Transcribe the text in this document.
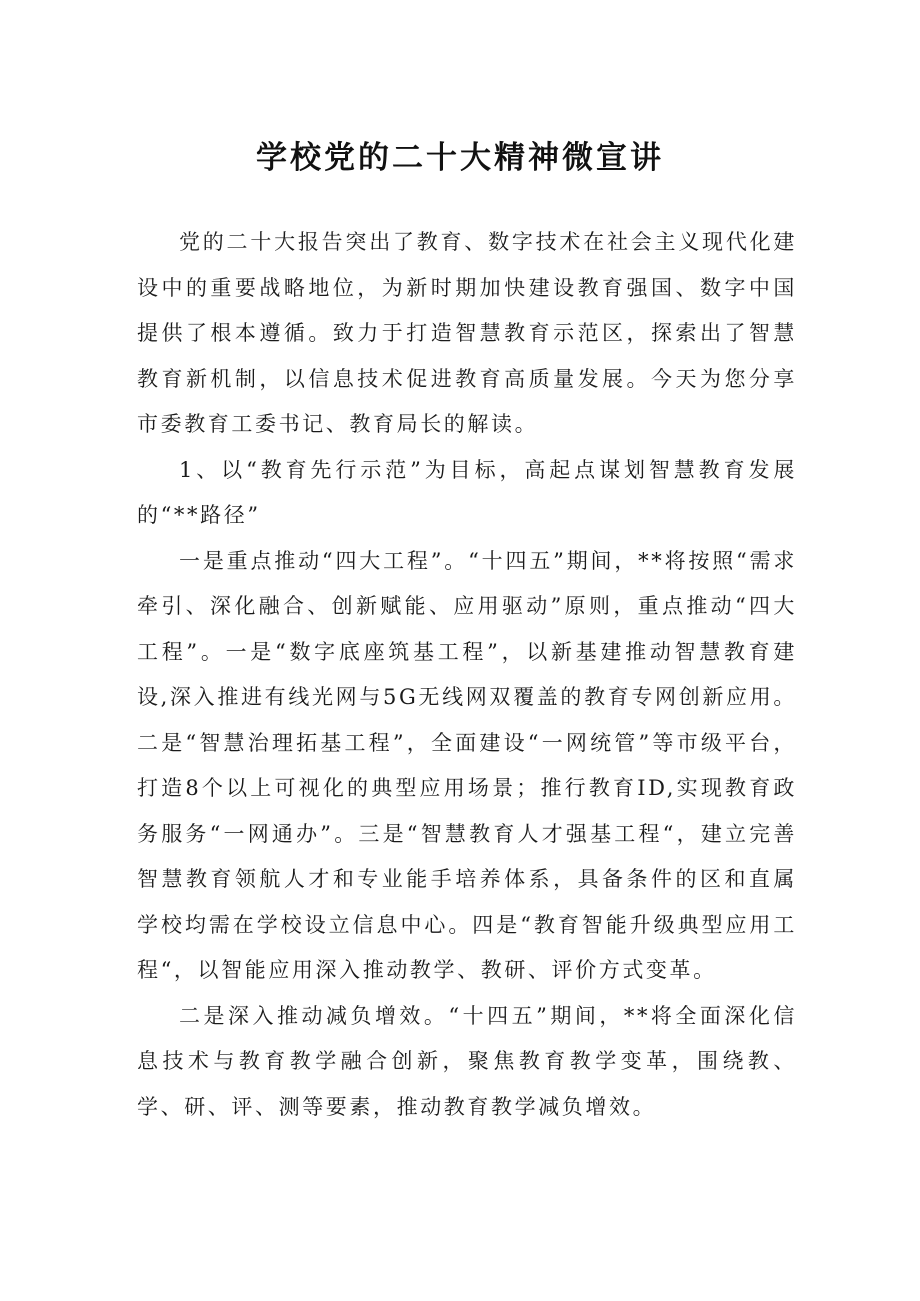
学校党的二十大精神微宣讲

党的二十大报告突出了教育、数字技术在社会主义现代化建设中的重要战略地位，为新时期加快建设教育强国、数字中国提供了根本遵循。致力于打造智慧教育示范区，探索出了智慧教育新机制，以信息技术促进教育高质量发展。今天为您分享市委教育工委书记、教育局长的解读。

1、以“教育先行示范”为目标，高起点谋划智慧教育发展的“**路径”

一是重点推动“四大工程”。“十四五”期间，**将按照“需求牵引、深化融合、创新赋能、应用驱动”原则，重点推动“四大工程”。一是“数字底座筑基工程”，以新基建推动智慧教育建设,深入推进有线光网与5G无线网双覆盖的教育专网创新应用。二是“智慧治理拓基工程”，全面建设“一网统管”等市级平台，打造8个以上可视化的典型应用场景；推行教育ID,实现教育政务服务“一网通办”。三是“智慧教育人才强基工程“，建立完善智慧教育领航人才和专业能手培养体系，具备条件的区和直属学校均需在学校设立信息中心。四是“教育智能升级典型应用工程“，以智能应用深入推动教学、教研、评价方式变革。

二是深入推动减负增效。“十四五”期间，**将全面深化信息技术与教育教学融合创新，聚焦教育教学变革，围绕教、学、研、评、测等要素，推动教育教学减负增效。
